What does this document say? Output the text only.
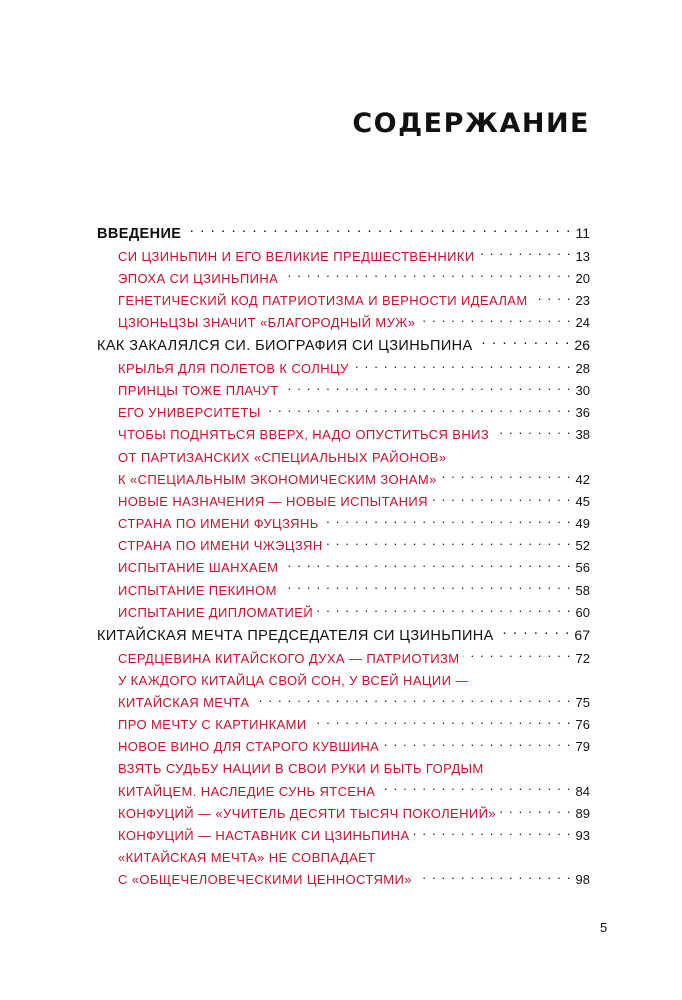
СОДЕРЖАНИЕ
ВВЕДЕНИЕ . . .	11
СИ ЦЗИНЬПИН И ЕГО ВЕЛИКИЕ ПРЕДШЕСТВЕННИКИ . . .	13
ЭПОХА СИ ЦЗИНЬПИНА . . .	20
ГЕНЕТИЧЕСКИЙ КОД ПАТРИОТИЗМА И ВЕРНОСТИ ИДЕАЛАМ . . .	23
ЦЗЮНЬЦЗЫ ЗНАЧИТ «БЛАГОРОДНЫЙ МУЖ» . . .	24
КАК ЗАКАЛЯЛСЯ СИ. БИОГРАФИЯ СИ ЦЗИНЬПИНА . . .	26
КРЫЛЬЯ ДЛЯ ПОЛЕТОВ К СОЛНЦУ . . .	28
ПРИНЦЫ ТОЖЕ ПЛАЧУТ . . .	30
ЕГО УНИВЕРСИТЕТЫ . . .	36
ЧТОБЫ ПОДНЯТЬСЯ ВВЕРХ, НАДО ОПУСТИТЬСЯ ВНИЗ . . .	38
ОТ ПАРТИЗАНСКИХ «СПЕЦИАЛЬНЫХ РАЙОНОВ»
К «СПЕЦИАЛЬНЫМ ЭКОНОМИЧЕСКИМ ЗОНАМ» . . .	42
НОВЫЕ НАЗНАЧЕНИЯ — НОВЫЕ ИСПЫТАНИЯ . . .	45
СТРАНА ПО ИМЕНИ ФУЦЗЯНЬ . . .	49
СТРАНА ПО ИМЕНИ ЧЖЭЦЗЯН . . .	52
ИСПЫТАНИЕ ШАНХАЕМ . . .	56
ИСПЫТАНИЕ ПЕКИНОМ . . .	58
ИСПЫТАНИЕ ДИПЛОМАТИЕЙ . . .	60
КИТАЙСКАЯ МЕЧТА ПРЕДСЕДАТЕЛЯ СИ ЦЗИНЬПИНА . . .	67
СЕРДЦЕВИНА КИТАЙСКОГО ДУХА — ПАТРИОТИЗМ . . .	72
У КАЖДОГО КИТАЙЦА СВОЙ СОН, У ВСЕЙ НАЦИИ —
КИТАЙСКАЯ МЕЧТА . . .	75
ПРО МЕЧТУ С КАРТИНКАМИ . . .	76
НОВОЕ ВИНО ДЛЯ СТАРОГО КУВШИНА . . .	79
ВЗЯТЬ СУДЬБУ НАЦИИ В СВОИ РУКИ И БЫТЬ ГОРДЫМ
КИТАЙЦЕМ. НАСЛЕДИЕ СУНЬ ЯТСЕНА . . .	84
КОНФУЦИЙ — «УЧИТЕЛЬ ДЕСЯТИ ТЫСЯЧ ПОКОЛЕНИЙ» . . .	89
КОНФУЦИЙ — НАСТАВНИК СИ ЦЗИНЬПИНА . . .	93
«КИТАЙСКАЯ МЕЧТА» НЕ СОВПАДАЕТ
С «ОБЩЕЧЕЛОВЕЧЕСКИМИ ЦЕННОСТЯМИ» . . .	98
5
